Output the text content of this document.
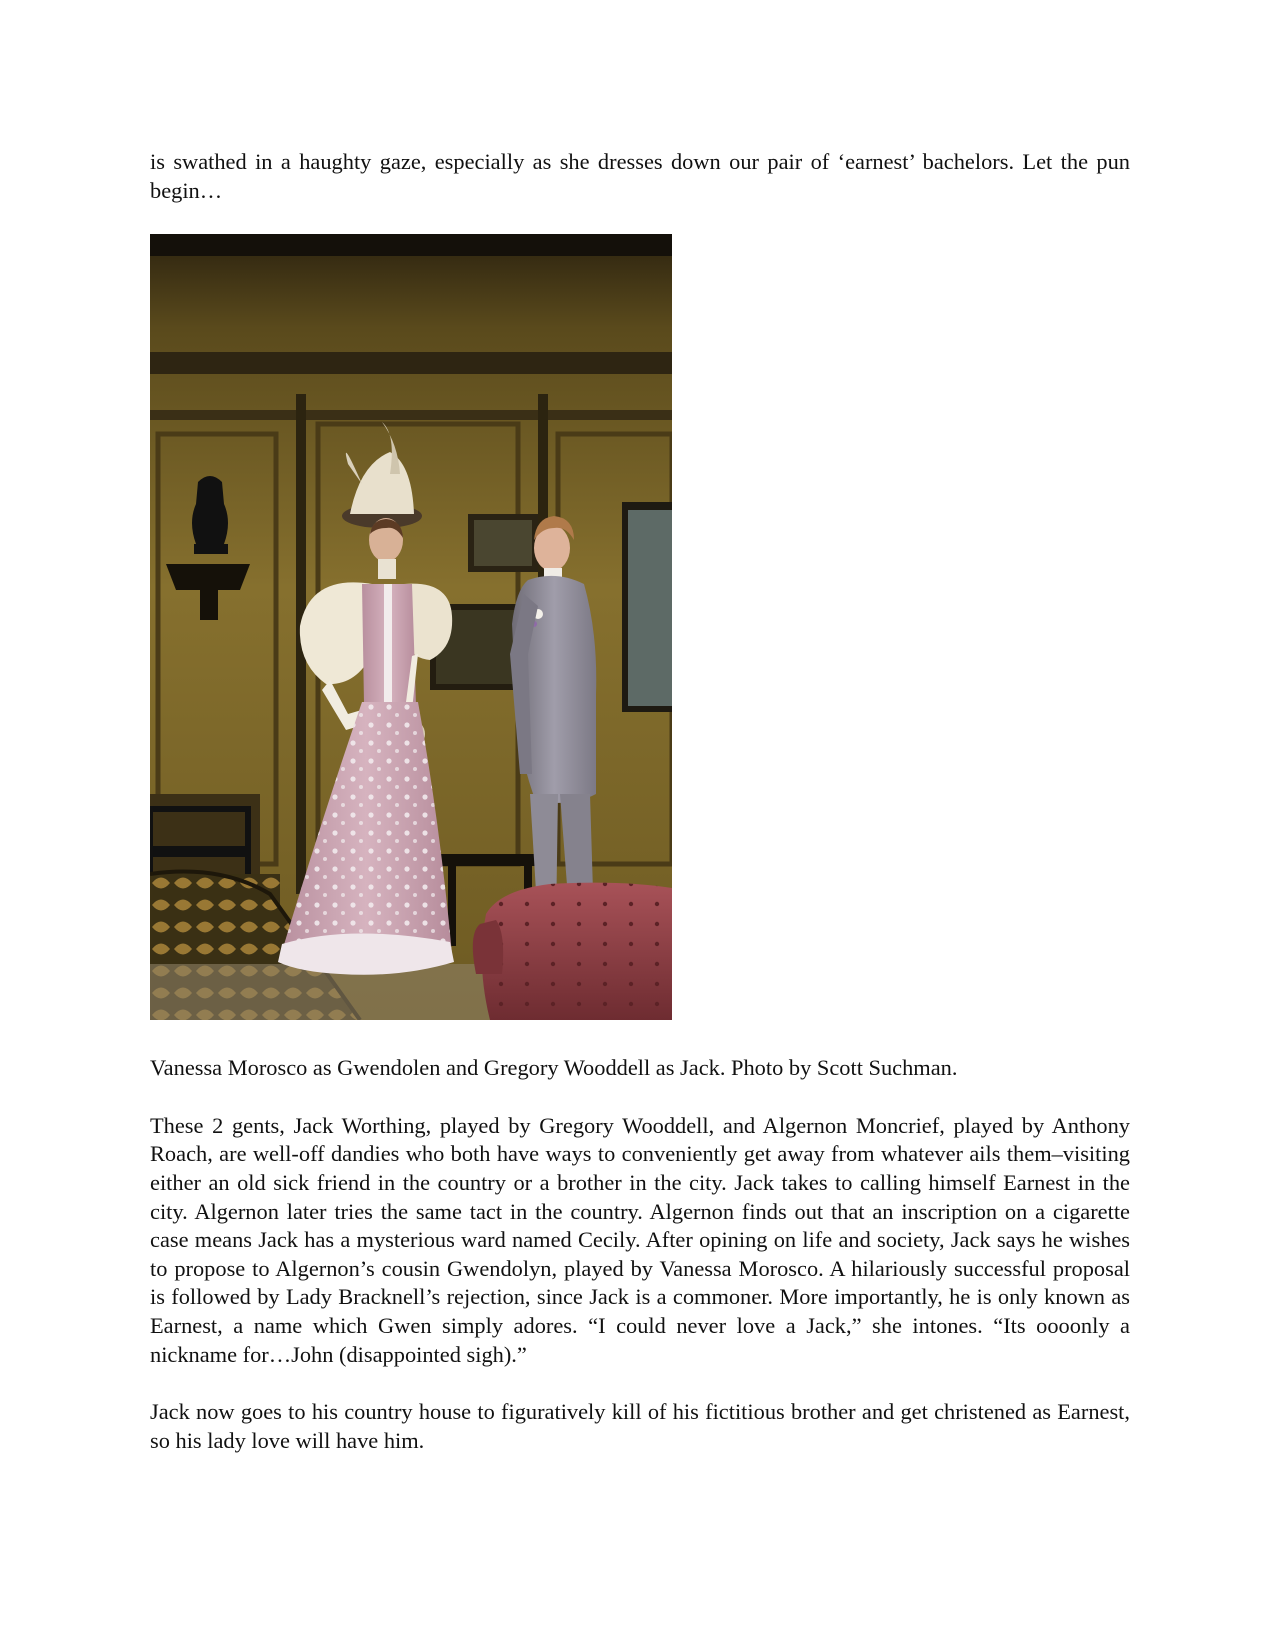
is swathed in a haughty gaze, especially as she dresses down our pair of ‘earnest’ bachelors. Let the pun begin…

Vanessa Morosco as Gwendolen and Gregory Wooddell as Jack. Photo by Scott Suchman.

These 2 gents, Jack Worthing, played by Gregory Wooddell, and Algernon Moncrief, played by Anthony Roach, are well-off dandies who both have ways to conveniently get away from whatever ails them–visiting either an old sick friend in the country or a brother in the city. Jack takes to calling himself Earnest in the city. Algernon later tries the same tact in the country. Algernon finds out that an inscription on a cigarette case means Jack has a mysterious ward named Cecily. After opining on life and society, Jack says he wishes to propose to Algernon’s cousin Gwendolyn, played by Vanessa Morosco. A hilariously successful proposal is followed by Lady Bracknell’s rejection, since Jack is a commoner. More importantly, he is only known as Earnest, a name which Gwen simply adores. “I could never love a Jack,” she intones. “Its oooonly a nickname for…John (disappointed sigh).”

Jack now goes to his country house to figuratively kill of his fictitious brother and get christened as Earnest, so his lady love will have him.
